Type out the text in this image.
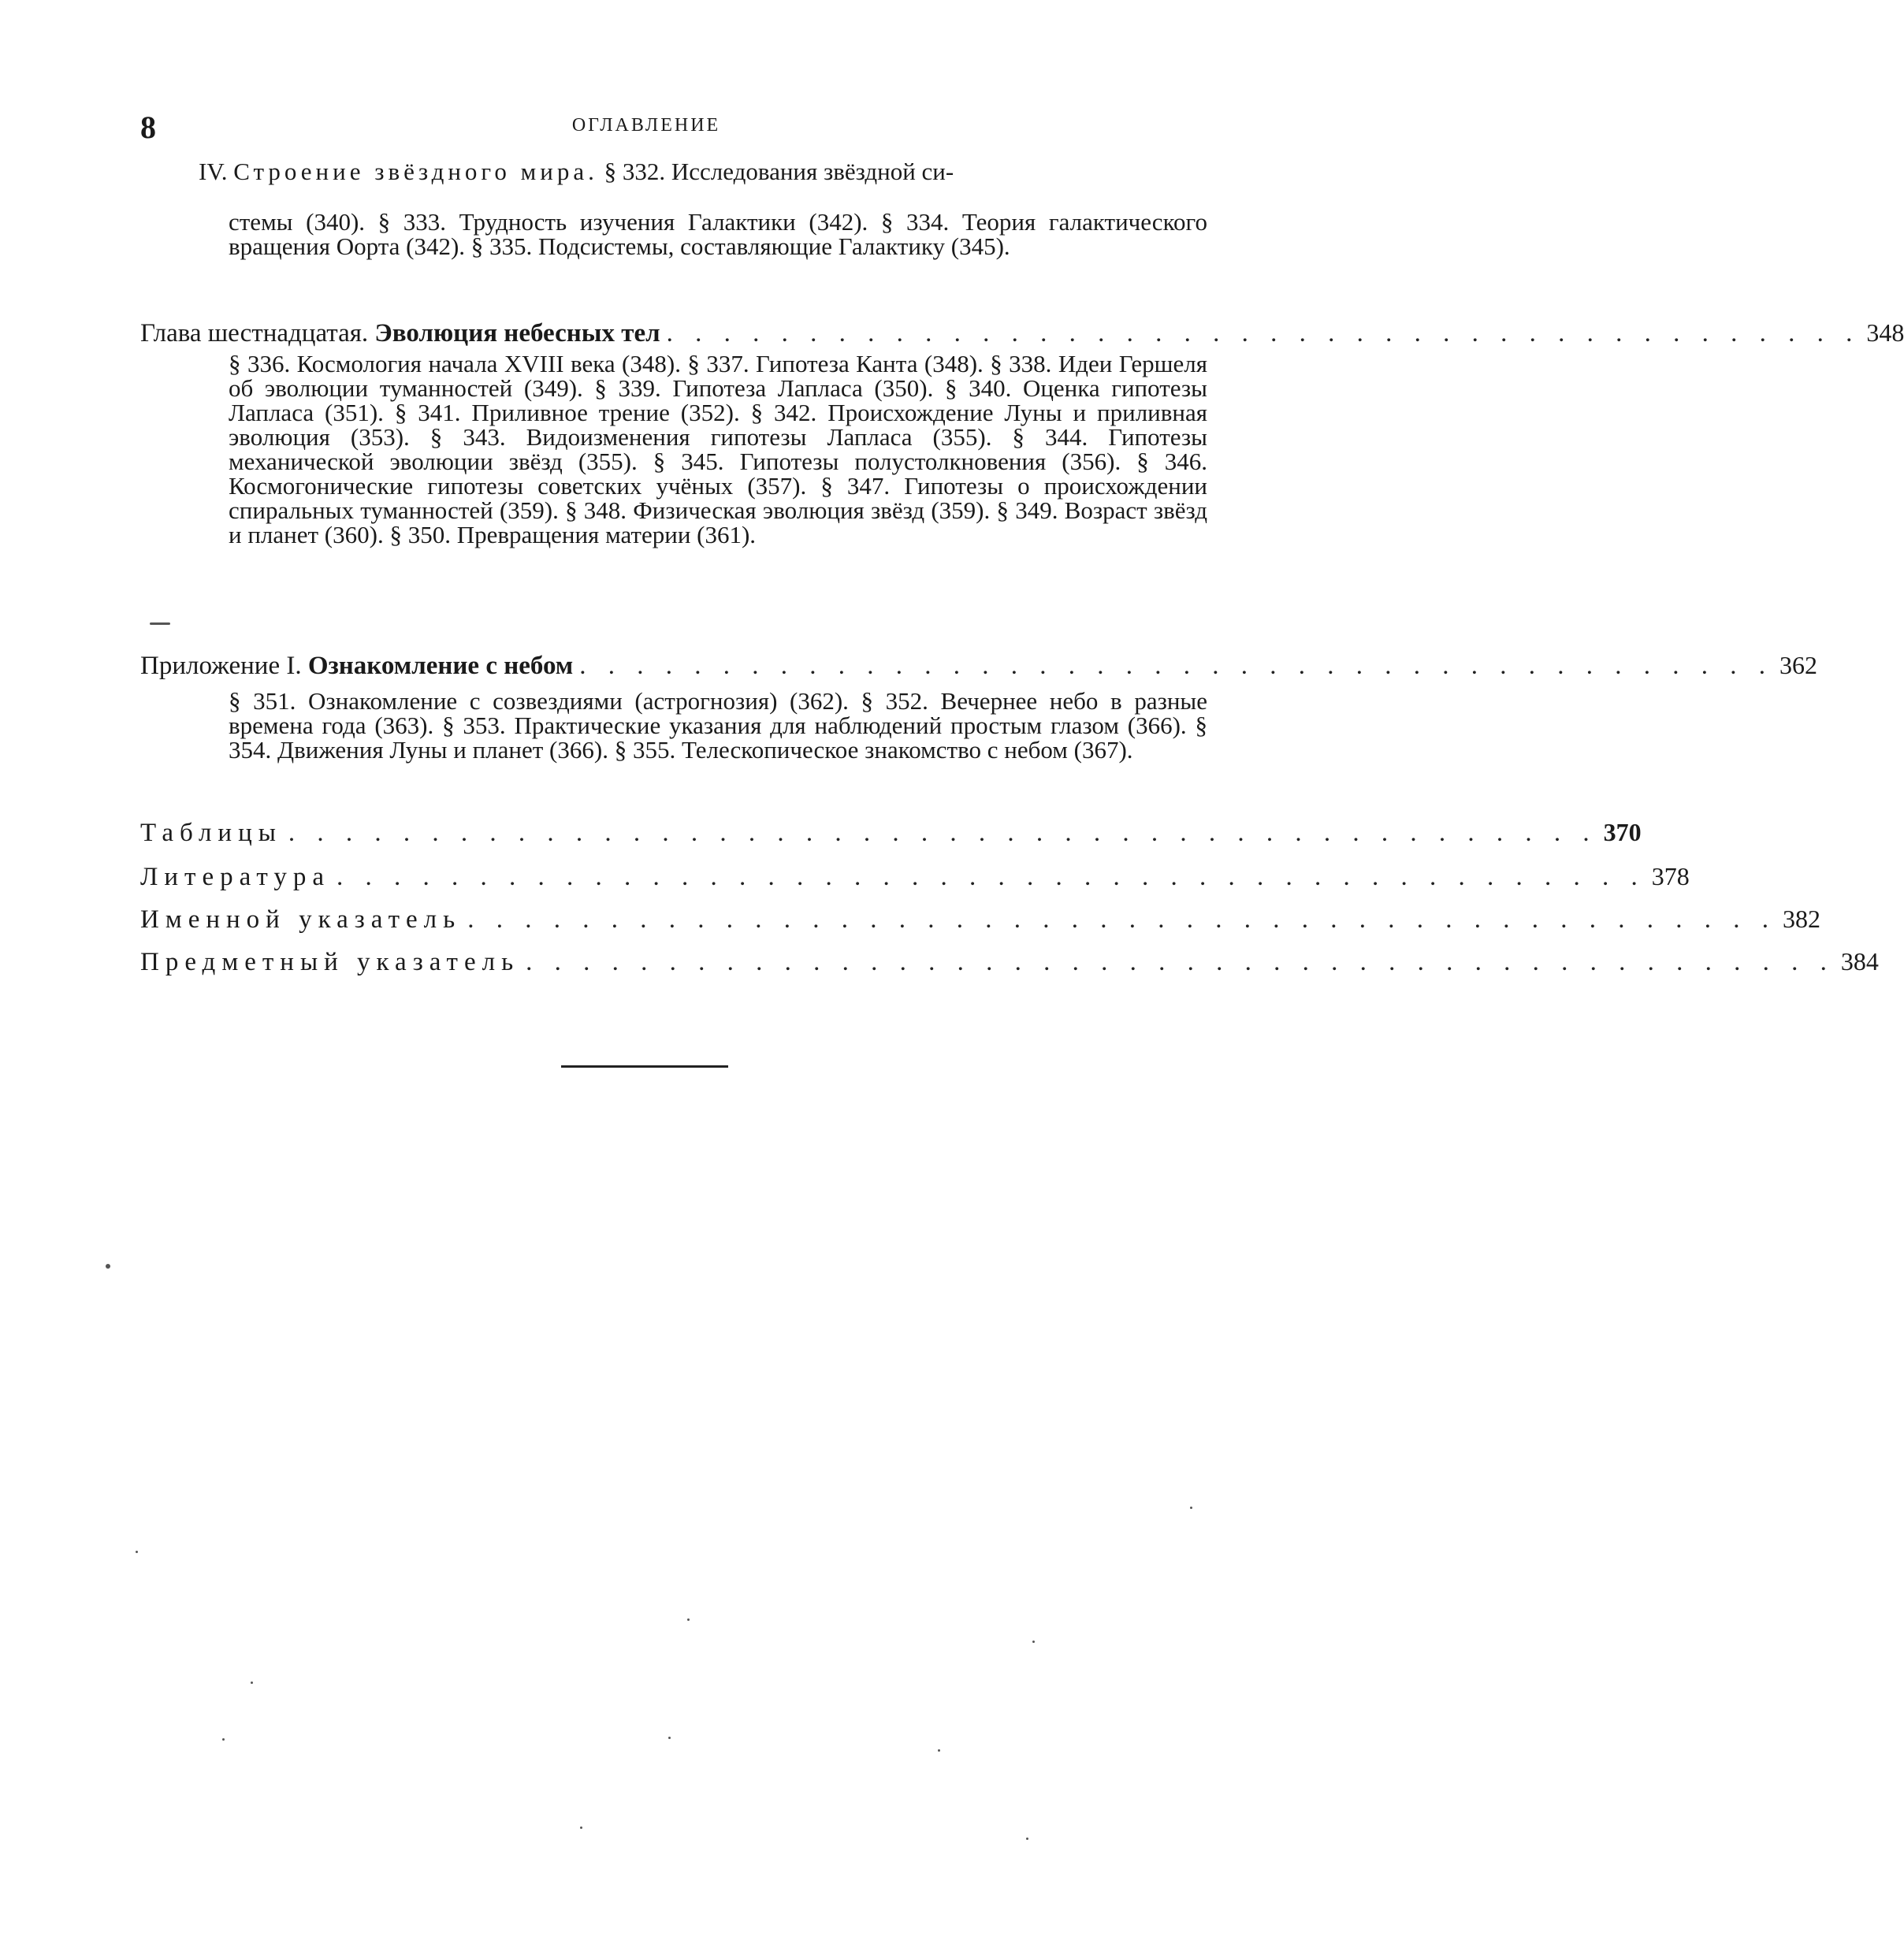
8	ОГЛАВЛЕНИЕ
IV. Строение звёздного мира. § 332. Исследования звёздной си-
стемы (340). § 333. Трудность изучения Галактики (342). § 334. Теория галактического вращения Оорта (342). § 335. Подсистемы, составляющие Галактику (345).
Глава шестнадцатая. Эволюция небесных тел . . . . . . . . . . . . . . . . . . . . . . . . . . . . . . . . . . . . . . . . . . 348
§ 336. Космология начала XVIII века (348). § 337. Гипотеза Канта (348). § 338. Идеи Гершеля об эволюции туманностей (349). § 339. Гипотеза Лапласа (350). § 340. Оценка гипотезы Лапласа (351). § 341. Приливное трение (352). § 342. Происхождение Луны и приливная эволюция (353). § 343. Видоизменения гипотезы Лапласа (355). § 344. Гипотезы механической эволюции звёзд (355). § 345. Гипотезы полустолкновения (356). § 346. Космогонические гипотезы советских учёных (357). § 347. Гипотезы о происхождении спиральных туманностей (359). § 348. Физическая эволюция звёзд (359). § 349. Возраст звёзд и планет (360). § 350. Превращения материи (361).
Приложение I. Ознакомление с небом . . . . . . . . . . . . . . . . . . . . . . . . . . . . . . . . . . . . . . . . . . 362
§ 351. Ознакомление с созвездиями (астрогнозия) (362). § 352. Вечернее небо в разные времена года (363). § 353. Практические указания для наблюдений простым глазом (366). § 354. Движения Луны и планет (366). § 355. Телескопическое знакомство с небом (367).
Таблицы . . . . . . . . . . . . . . . . . . . . . . . . . . . . . . . . . . . . . . . . . . . . . . 370
Литература . . . . . . . . . . . . . . . . . . . . . . . . . . . . . . . . . . . . . . . . . . . . . . 378
Именной указатель . . . . . . . . . . . . . . . . . . . . . . . . . . . . . . . . . . . . . . . . . . . . . . 382
Предметный указатель . . . . . . . . . . . . . . . . . . . . . . . . . . . . . . . . . . . . . . . . . . . . . . 384
